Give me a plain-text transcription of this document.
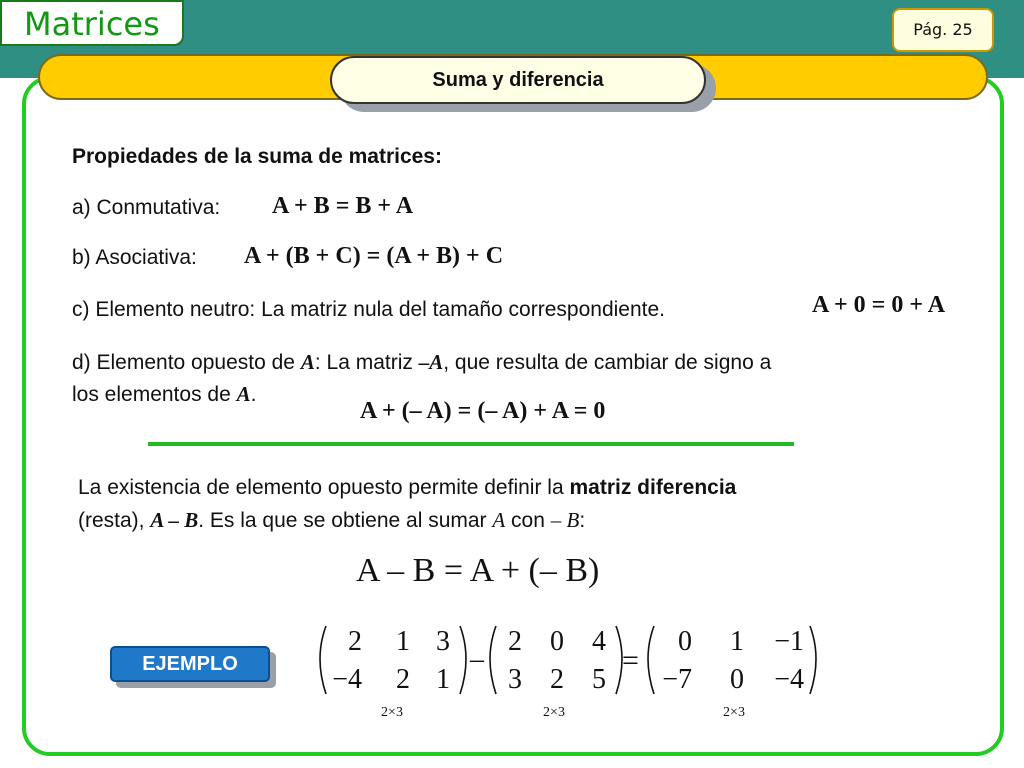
Matrices	Pág. 25
Suma y diferencia
Propiedades de la suma de matrices:
a) Conmutativa: A + B = B + A
b) Asociativa: A + (B + C) = (A + B) + C
c) Elemento neutro: La matriz nula del tamaño correspondiente.	A + 0 = 0 + A
d) Elemento opuesto de A: La matriz –A, que resulta de cambiar de signo a
los elementos de A.
A + (– A) = (– A) + A = 0
La existencia de elemento opuesto permite definir la matriz diferencia
(resta), A – B. Es la que se obtiene al sumar A con – B:
A – B = A + (– B)
EJEMPLO
2 1 3
−4 2 1
2 0 4
3 2 5
0 1 −1
−7 0 −4
–	=
2×3	2×3	2×3
